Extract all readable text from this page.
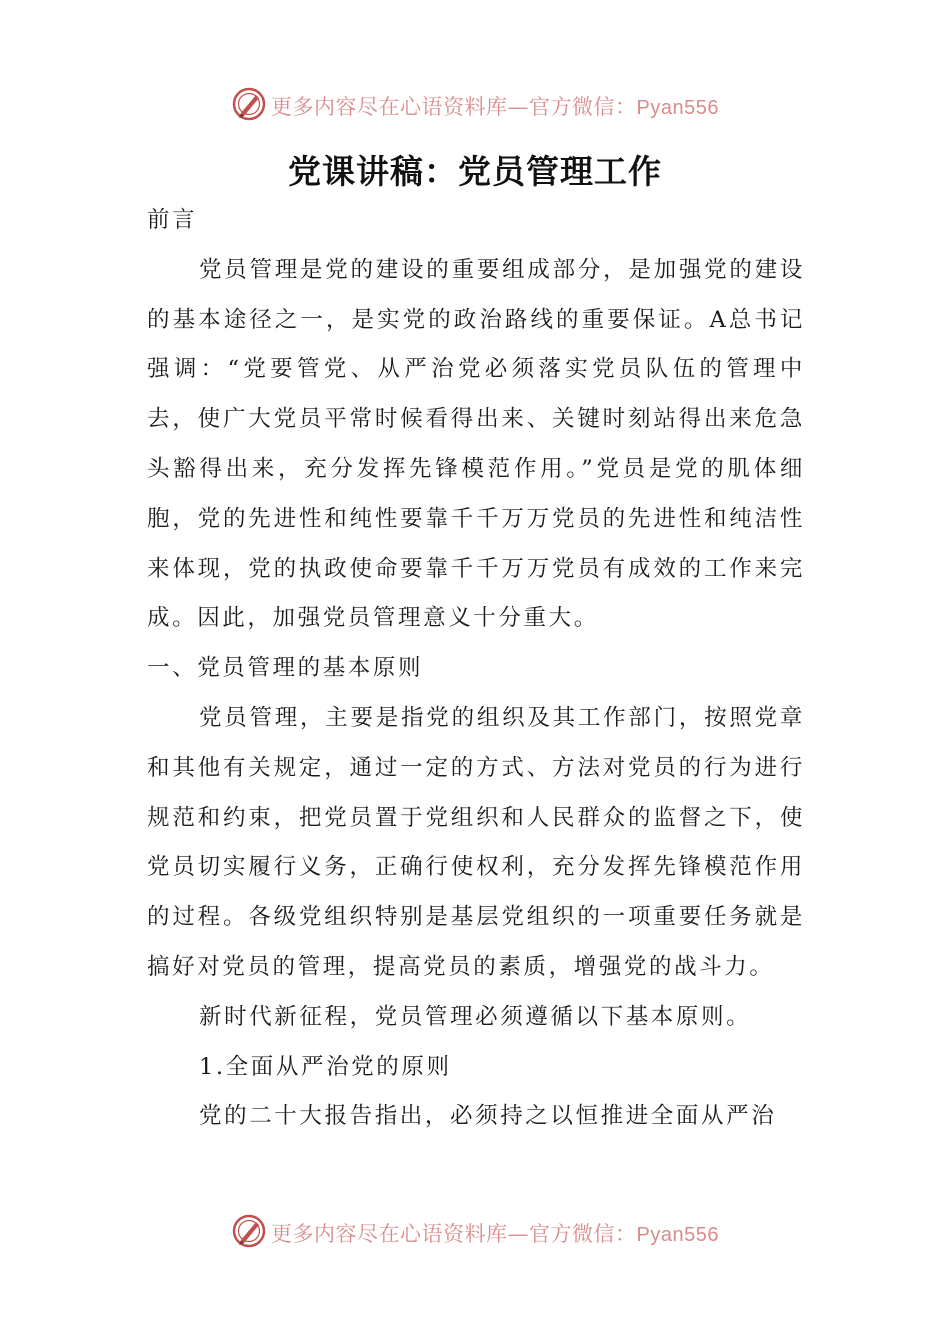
更多内容尽在心语资料库—官方微信：Pyan556
党课讲稿：党员管理工作

前言

党员管理是党的建设的重要组成部分，是加强党的建设的基本途径之一，是实党的政治路线的重要保证。A总书记强调：“党要管党、从严治党必须落实党员队伍的管理中去，使广大党员平常时候看得出来、关键时刻站得出来危急头豁得出来，充分发挥先锋模范作用。”党员是党的肌体细胞，党的先进性和纯性要靠千千万万党员的先进性和纯洁性来体现，党的执政使命要靠千千万万党员有成效的工作来完成。因此，加强党员管理意义十分重大。

一、党员管理的基本原则

党员管理，主要是指党的组织及其工作部门，按照党章和其他有关规定，通过一定的方式、方法对党员的行为进行规范和约束，把党员置于党组织和人民群众的监督之下，使党员切实履行义务，正确行使权利，充分发挥先锋模范作用的过程。各级党组织特别是基层党组织的一项重要任务就是搞好对党员的管理，提高党员的素质，增强党的战斗力。

新时代新征程，党员管理必须遵循以下基本原则。

1.全面从严治党的原则

党的二十大报告指出，必须持之以恒推进全面从严治

更多内容尽在心语资料库—官方微信：Pyan556
